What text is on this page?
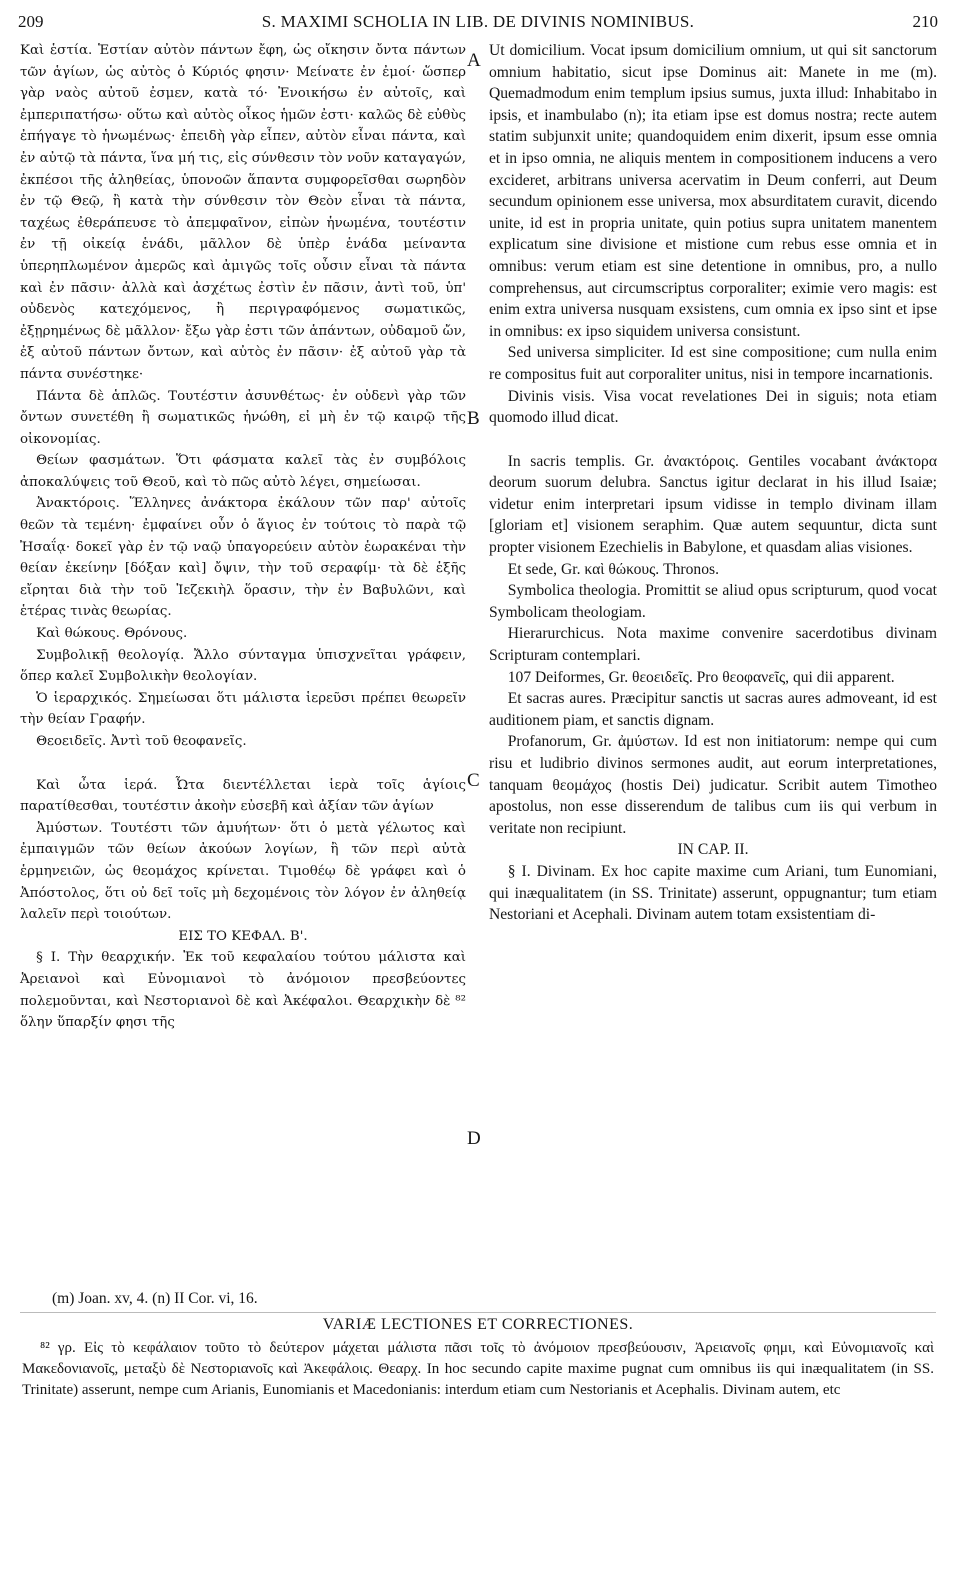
209	S. MAXIMI SCHOLIA IN LIB. DE DIVINIS NOMINIBUS.	210

Καὶ ἑστία. Ἑστίαν αὐτὸν πάντων ἔφη, ὡς οἴκησιν ὄντα πάντων τῶν ἁγίων, ὡς αὐτὸς ὁ Κύριός φησιν· Μείνατε ἐν ἐμοί· ὥσπερ γὰρ ναὸς αὐτοῦ ἐσμεν, κατὰ τό· Ἐνοικήσω ἐν αὐτοῖς, καὶ ἐμπεριπατήσω· οὕτω καὶ αὐτὸς οἶκος ἡμῶν ἐστι· καλῶς δὲ εὐθὺς ἐπήγαγε τὸ ἡνωμένως· ἐπειδὴ γὰρ εἶπεν, αὐτὸν εἶναι πάντα, καὶ ἐν αὐτῷ τὰ πάντα, ἵνα μή τις, εἰς σύνθεσιν τὸν νοῦν καταγαγών, ἐκπέσοι τῆς ἀληθείας, ὑπονοῶν ἅπαντα συμφορεῖσθαι σωρηδὸν ἐν τῷ Θεῷ, ἢ κατὰ τὴν σύνθεσιν τὸν Θεὸν εἶναι τὰ πάντα, ταχέως ἐθεράπευσε τὸ ἀπεμφαῖνον, εἰπὼν ἡνωμένα, τουτέστιν ἐν τῇ οἰκείᾳ ἑνάδι, μᾶλλον δὲ ὑπὲρ ἑνάδα μείναντα ὑπερηπλωμένον ἀμερῶς καὶ ἀμιγῶς τοῖς οὖσιν εἶναι τὰ πάντα καὶ ἐν πᾶσιν· ἀλλὰ καὶ ἀσχέτως ἐστὶν ἐν πᾶσιν, ἀντὶ τοῦ, ὑπ' οὐδενὸς κατεχόμενος, ἢ περιγραφόμενος σωματικῶς, ἐξῃρημένως δὲ μᾶλλον· ἔξω γὰρ ἐστι τῶν ἁπάντων, οὐδαμοῦ ὤν, ἐξ αὐτοῦ πάντων ὄντων, καὶ αὐτὸς ἐν πᾶσιν· ἐξ αὐτοῦ γὰρ τὰ πάντα συνέστηκε·

Πάντα δὲ ἁπλῶς. Τουτέστιν ἀσυνθέτως· ἐν οὐδενὶ γὰρ τῶν ὄντων συνετέθη ἢ σωματικῶς ἡνώθη, εἰ μὴ ἐν τῷ καιρῷ τῆς οἰκονομίας.

Θείων φασμάτων. Ὅτι φάσματα καλεῖ τὰς ἐν συμβόλοις ἀποκαλύψεις τοῦ Θεοῦ, καὶ τὸ πῶς αὐτὸ λέγει, σημείωσαι.

Ἀνακτόροις. Ἕλληνες ἀνάκτορα ἐκάλουν τῶν παρ' αὐτοῖς θεῶν τὰ τεμένη· ἐμφαίνει οὖν ὁ ἅγιος ἐν τούτοις τὸ παρὰ τῷ Ἠσαΐᾳ· δοκεῖ γὰρ ἐν τῷ ναῷ ὑπαγορεύειν αὐτὸν ἑωρακέναι τὴν θείαν ἐκείνην [δόξαν καὶ] ὄψιν, τὴν τοῦ σεραφίμ· τὰ δὲ ἑξῆς εἴρηται διὰ τὴν τοῦ Ἰεζεκιὴλ ὅρασιν, τὴν ἐν Βαβυλῶνι, καὶ ἑτέρας τινὰς θεωρίας.

Καὶ θώκους. Θρόνους.

Συμβολικῇ θεολογίᾳ. Ἄλλο σύνταγμα ὑπισχνεῖται γράφειν, ὅπερ καλεῖ Συμβολικὴν θεολογίαν.

Ὁ ἱεραρχικός. Σημείωσαι ὅτι μάλιστα ἱερεῦσι πρέπει θεωρεῖν τὴν θείαν Γραφήν.

Θεοειδεῖς. Ἀντὶ τοῦ θεοφανεῖς.

Καὶ ὦτα ἱερά. Ὦτα διεντέλλεται ἱερὰ τοῖς ἁγίοις παρατίθεσθαι, τουτέστιν ἀκοὴν εὐσεβῆ καὶ ἀξίαν τῶν ἁγίων

Ἀμύστων. Τουτέστι τῶν ἀμυήτων· ὅτι ὁ μετὰ γέλωτος καὶ ἐμπαιγμῶν τῶν θείων ἀκούων λογίων, ἢ τῶν περὶ αὐτὰ ἑρμηνειῶν, ὡς θεομάχος κρίνεται. Τιμοθέῳ δὲ γράφει καὶ ὁ Ἀπόστολος, ὅτι οὐ δεῖ τοῖς μὴ δεχομένοις τὸν λόγον ἐν ἀληθείᾳ λαλεῖν περὶ τοιούτων.

ΕΙΣ ΤΟ ΚΕΦΑΛ. Β'.

§ I. Τὴν θεαρχικήν. Ἐκ τοῦ κεφαλαίου τούτου μάλιστα καὶ Ἀρειανοὶ καὶ Εὐνομιανοὶ τὸ ἀνόμοιον πρεσβεύοντες πολεμοῦνται, καὶ Νεστοριανοὶ δὲ καὶ Ἀκέφαλοι. Θεαρχικὴν δὲ ⁸² ὅλην ὕπαρξίν φησι τῆς

A
B
C
D

Ut domicilium. Vocat ipsum domicilium omnium, ut qui sit sanctorum omnium habitatio, sicut ipse Dominus ait: Manete in me (m). Quemadmodum enim templum ipsius sumus, juxta illud: Inhabitabo in ipsis, et inambulabo (n); ita etiam ipse est domus nostra; recte autem statim subjunxit unite; quandoquidem enim dixerit, ipsum esse omnia et in ipso omnia, ne aliquis mentem in compositionem inducens a vero excideret, arbitrans universa acervatim in Deum conferri, aut Deum secundum opinionem esse universa, mox absurditatem curavit, dicendo unite, id est in propria unitate, quin potius supra unitatem manentem explicatum sine divisione et mistione cum rebus esse omnia et in omnibus: verum etiam est sine detentione in omnibus, pro, a nullo comprehensus, aut circumscriptus corporaliter; eximie vero magis: est enim extra universa nusquam exsistens, cum omnia ex ipso sint et ipse in omnibus: ex ipso siquidem universa consistunt.

Sed universa simpliciter. Id est sine compositione; cum nulla enim re compositus fuit aut corporaliter unitus, nisi in tempore incarnationis.

Divinis visis. Visa vocat revelationes Dei in siguis; nota etiam quomodo illud dicat.

In sacris templis. Gr. ἀνακτόροις. Gentiles vocabant ἀνάκτορα deorum suorum delubra. Sanctus igitur declarat in his illud Isaiæ; videtur enim interpretari ipsum vidisse in templo divinam illam [gloriam et] visionem seraphim. Quæ autem sequuntur, dicta sunt propter visionem Ezechielis in Babylone, et quasdam alias visiones.

Et sede, Gr. καὶ θώκους. Thronos.

Symbolica theologia. Promittit se aliud opus scripturum, quod vocat Symbolicam theologiam.

Hierarurchicus. Nota maxime convenire sacerdotibus divinam Scripturam contemplari.

107 Deiformes, Gr. θεοειδεῖς. Pro θεοφανεῖς, qui dii apparent.

Et sacras aures. Præcipitur sanctis ut sacras aures admoveant, id est auditionem piam, et sanctis dignam.

Profanorum, Gr. ἀμύστων. Id est non initiatorum: nempe qui cum risu et ludibrio divinos sermones audit, aut eorum interpretationes, tanquam θεομάχος (hostis Dei) judicatur. Scribit autem Timotheo apostolus, non esse disserendum de talibus cum iis qui verbum in veritate non recipiunt.

IN CAP. II.

§ I. Divinam. Ex hoc capite maxime cum Ariani, tum Eunomiani, qui inæqualitatem (in SS. Trinitate) asserunt, oppugnantur; tum etiam Nestoriani et Acephali. Divinam autem totam exsistentiam di-

(m) Joan. xv, 4. (n) II Cor. vi, 16.
VARIÆ LECTIONES ET CORRECTIONES.
⁸² γρ. Εἰς τὸ κεφάλαιον τοῦτο τὸ δεύτερον μάχεται μάλιστα πᾶσι τοῖς τὸ ἀνόμοιον πρεσβεύουσιν, Ἀρειανοῖς φημι, καὶ Εὐνομιανοῖς καὶ Μακεδονιανοῖς, μεταξὺ δὲ Νεστοριανοῖς καὶ Ἀκεφάλοις. Θεαρχ. In hoc secundo capite maxime pugnat cum omnibus iis qui inæqualitatem (in SS. Trinitate) asserunt, nempe cum Arianis, Eunomianis et Macedonianis: interdum etiam cum Nestorianis et Acephalis. Divinam autem, etc
